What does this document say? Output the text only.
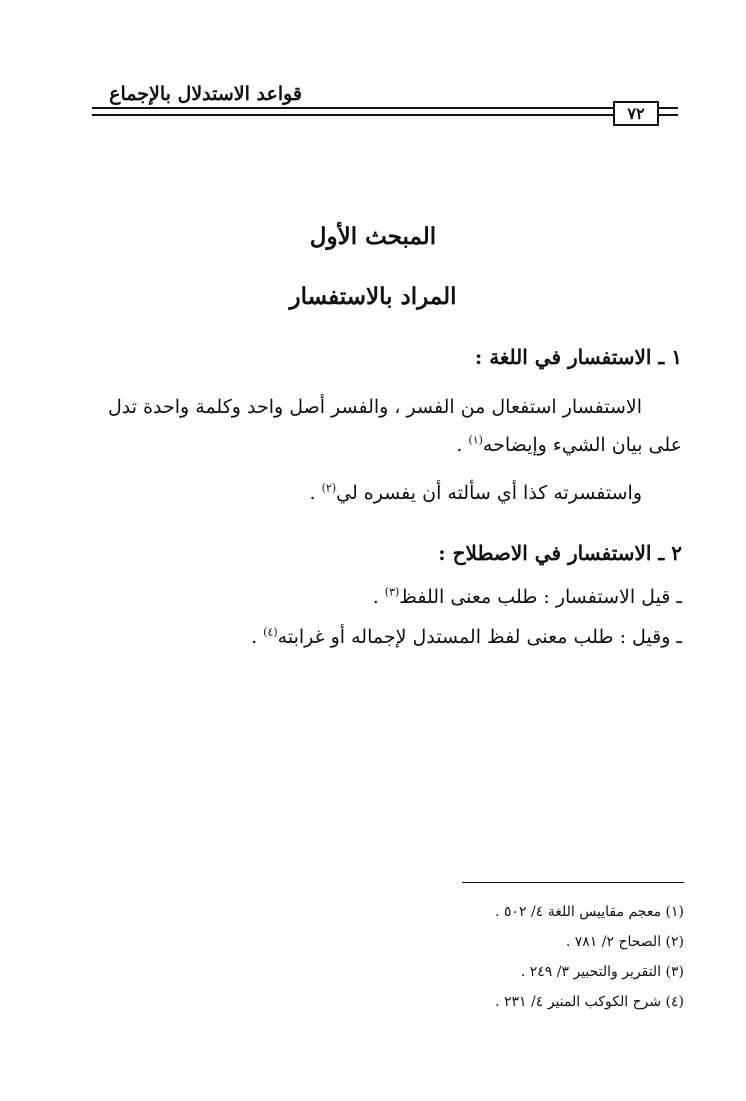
قواعد الاستدلال بالإجماع
٧٢
المبحث الأول
المراد بالاستفسار
١ ـ الاستفسار في اللغة :
الاستفسار استفعال من الفسر ، والفسر أصل واحد وكلمة واحدة تدل
على بيان الشيء وإيضاحه$^{(١)}$ .
واستفسرته كذا أي سألته أن يفسره لي$^{(٢)}$ .
٢ ـ الاستفسار في الاصطلاح :
ـ قيل الاستفسار : طلب معنى اللفظ$^{(٣)}$ .
ـ وقيل : طلب معنى لفظ المستدل لإجماله أو غرابته$^{(٤)}$ .
(١) معجم مقاييس اللغة ٤/ ٥٠٢ .
(٢) الصحاح ٢/ ٧٨١ .
(٣) التقرير والتحبير ٣/ ٢٤٩ .
(٤) شرح الكوكب المنير ٤/ ٢٣١ .
